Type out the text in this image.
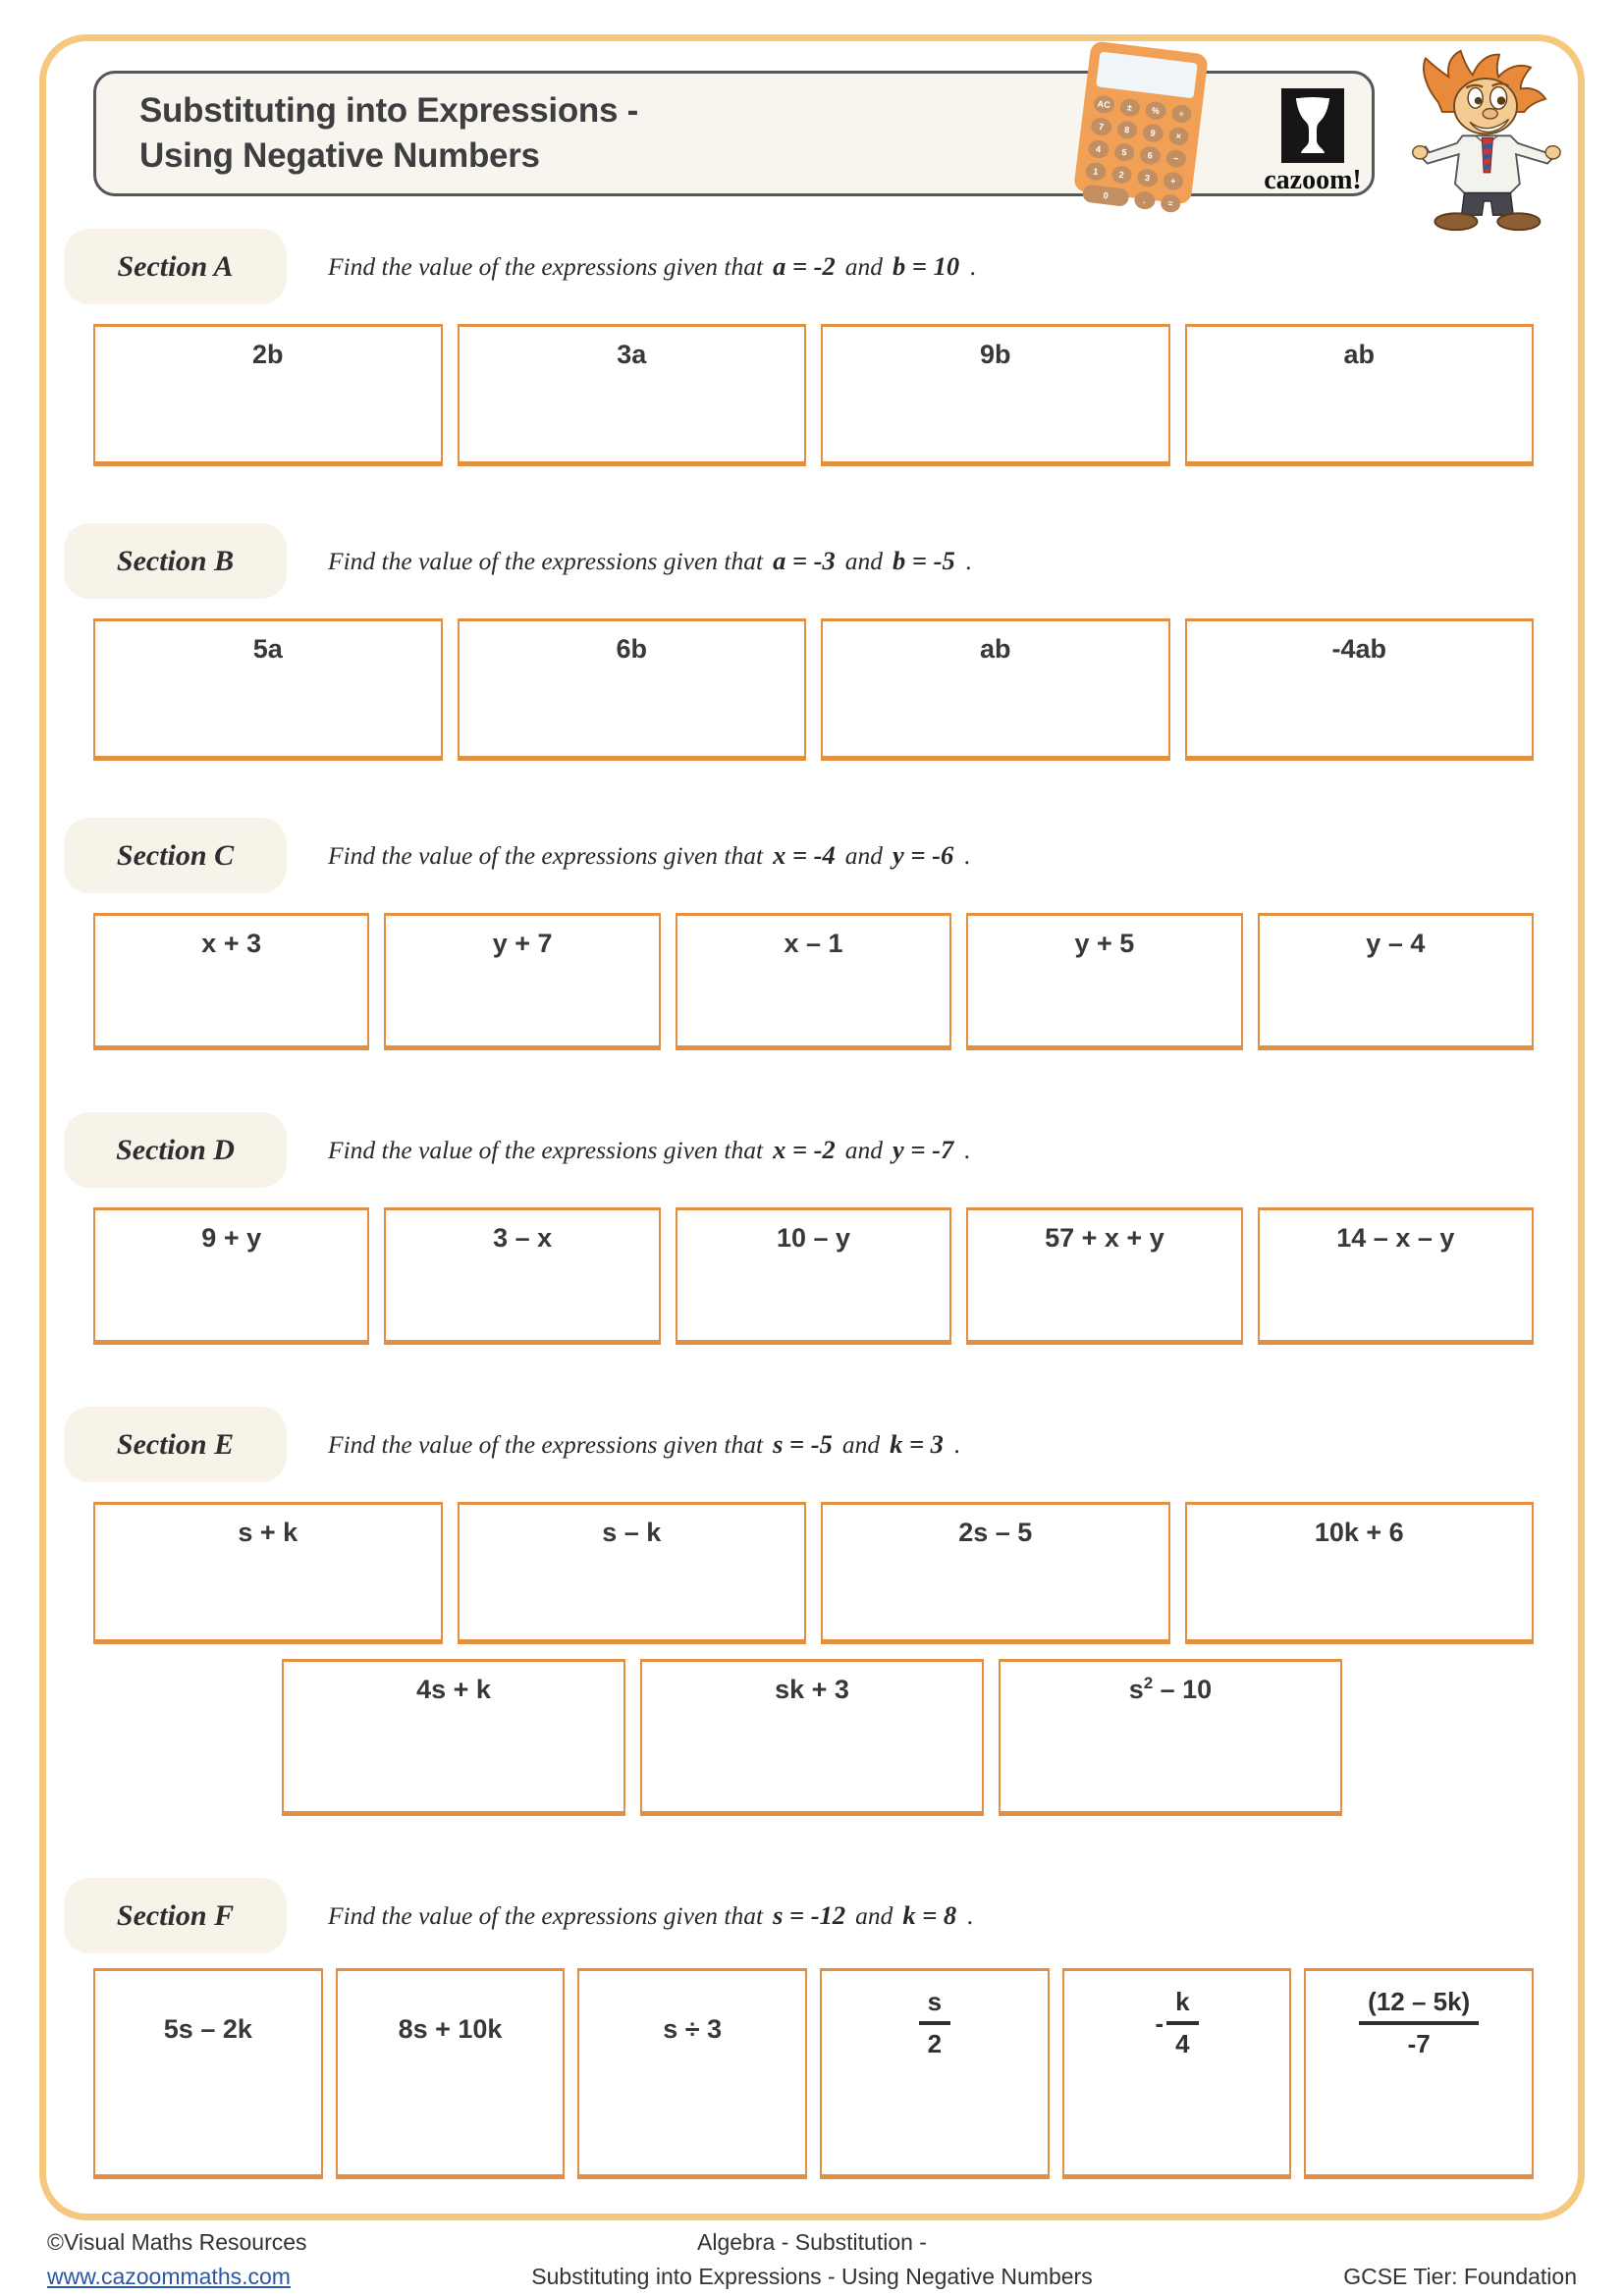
Substituting into Expressions -
Using Negative Numbers
AC	±	%	÷
7	8	9	×
4	5	6	−
1	2	3	+
0	.	=
cazoom!
Section A	Find the value of the expressions given that a = -2 and b = 10 .
2b	3a	9b	ab
Section B	Find the value of the expressions given that a = -3 and b = -5 .
5a	6b	ab	-4ab
Section C	Find the value of the expressions given that x = -4 and y = -6 .
x + 3	y + 7	x – 1	y + 5	y – 4
Section D	Find the value of the expressions given that x = -2 and y = -7 .
9 + y	3 – x	10 – y	57 + x + y	14 – x – y
Section E	Find the value of the expressions given that s = -5 and k = 3 .
s + k	s – k	2s – 5	10k + 6
4s + k	sk + 3	$s^2 - 10$
Section F	Find the value of the expressions given that s = -12 and k = 8 .
5s – 2k	8s + 10k	s ÷ 3	$\frac{s}{2}$	- $\frac{k}{4}$	$\frac{(12 - 5k)}{-7}$
©Visual Maths Resources
www.cazoommaths.com
Algebra - Substitution -
Substituting into Expressions - Using Negative Numbers	GCSE Tier: Foundation
